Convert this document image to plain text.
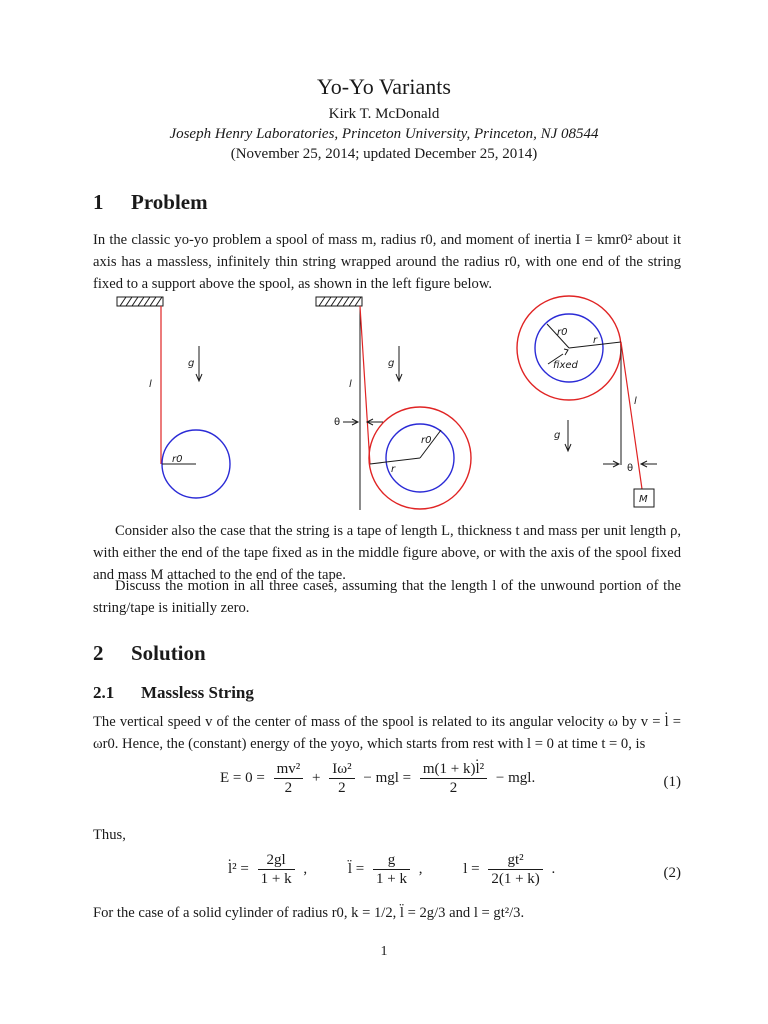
Yo-Yo Variants
Kirk T. McDonald
Joseph Henry Laboratories, Princeton University, Princeton, NJ 08544
(November 25, 2014; updated December 25, 2014)
1 Problem
In the classic yo-yo problem a spool of mass m, radius r0, and moment of inertia I = kmr0² about it axis has a massless, infinitely thin string wrapped around the radius r0, with one end of the string fixed to a support above the spool, as shown in the left figure below.
g
l
r0
g
l
θ
r0
r
r0
r
fixed
g
l
θ
M
Consider also the case that the string is a tape of length L, thickness t and mass per unit length ρ, with either the end of the tape fixed as in the middle figure above, or with the axis of the spool fixed and mass M attached to the end of the tape.
Discuss the motion in all three cases, assuming that the length l of the unwound portion of the string/tape is initially zero.
2 Solution
2.1 Massless String
The vertical speed v of the center of mass of the spool is related to its angular velocity ω by v = l̇ = ωr0. Hence, the (constant) energy of the yoyo, which starts from rest with l = 0 at time t = 0, is
$E = 0 = \frac{\text{mv²}}{2} + \frac{\text{Iω²}}{2}$ − mgl = $\frac{\text{m(1 + k)l̇²}}{2}$ − mgl.	(1)
Thus,
l̇² = $\frac{2gl}{1 + k}$ ,	l̈ = $\frac{g}{1 + k}$ ,	$l = \frac{\text{gt²}}{2(1 + k)}$ .	(2)
For the case of a solid cylinder of radius r0, k = 1/2, l̈ = 2g/3 and l = gt²/3.
1
